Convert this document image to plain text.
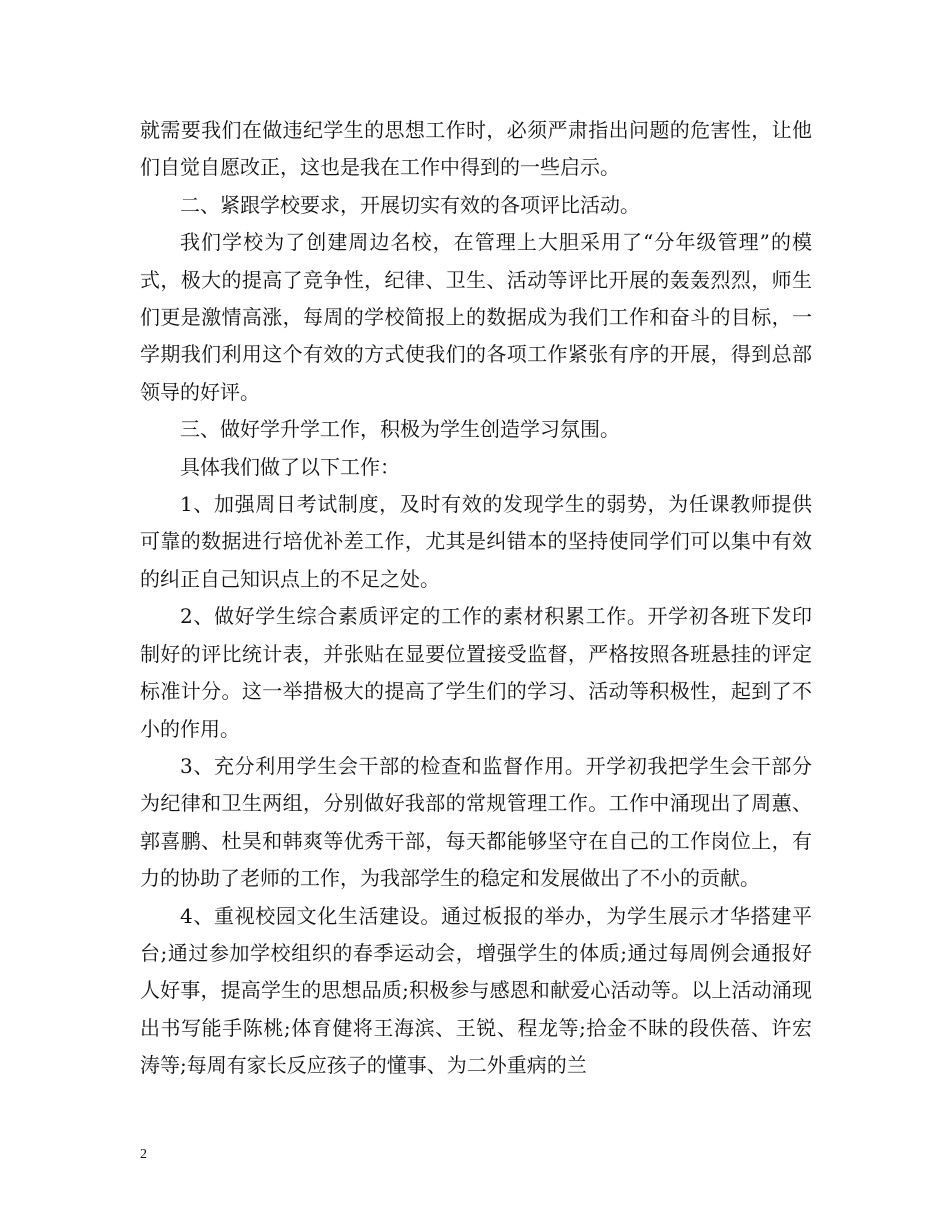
就需要我们在做违纪学生的思想工作时，必须严肃指出问题的危害性，让他们自觉自愿改正，这也是我在工作中得到的一些启示。

二、紧跟学校要求，开展切实有效的各项评比活动。

我们学校为了创建周边名校，在管理上大胆采用了“分年级管理”的模式，极大的提高了竞争性，纪律、卫生、活动等评比开展的轰轰烈烈，师生们更是激情高涨，每周的学校简报上的数据成为我们工作和奋斗的目标，一学期我们利用这个有效的方式使我们的各项工作紧张有序的开展，得到总部领导的好评。

三、做好学升学工作，积极为学生创造学习氛围。

具体我们做了以下工作：

1、加强周日考试制度，及时有效的发现学生的弱势，为任课教师提供可靠的数据进行培优补差工作，尤其是纠错本的坚持使同学们可以集中有效的纠正自己知识点上的不足之处。

2、做好学生综合素质评定的工作的素材积累工作。开学初各班下发印制好的评比统计表，并张贴在显要位置接受监督，严格按照各班悬挂的评定标准计分。这一举措极大的提高了学生们的学习、活动等积极性，起到了不小的作用。

3、充分利用学生会干部的检查和监督作用。开学初我把学生会干部分为纪律和卫生两组，分别做好我部的常规管理工作。工作中涌现出了周蕙、郭喜鹏、杜昊和韩爽等优秀干部，每天都能够坚守在自己的工作岗位上，有力的协助了老师的工作，为我部学生的稳定和发展做出了不小的贡献。

4、重视校园文化生活建设。通过板报的举办，为学生展示才华搭建平台;通过参加学校组织的春季运动会，增强学生的体质;通过每周例会通报好人好事，提高学生的思想品质;积极参与感恩和献爱心活动等。以上活动涌现出书写能手陈桃;体育健将王海滨、王锐、程龙等;拾金不昧的段佚蓓、许宏涛等;每周有家长反应孩子的懂事、为二外重病的兰

2
